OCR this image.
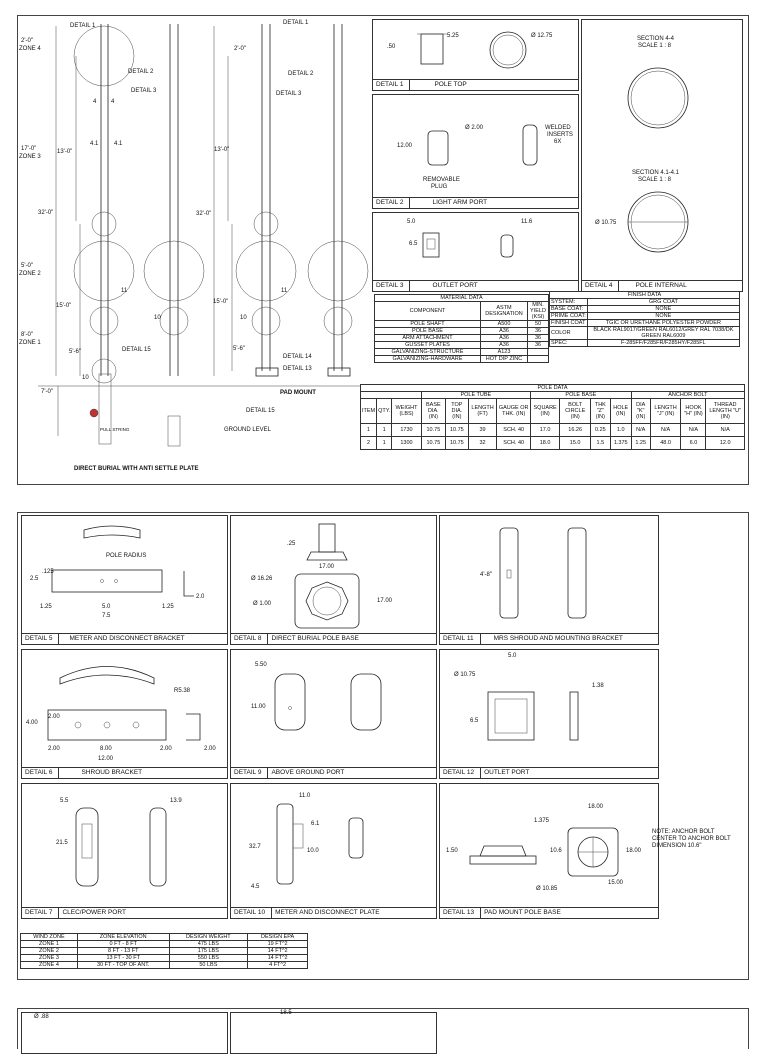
DETAIL 1	DETAIL 1
DETAIL 2	DETAIL 2
DETAIL 3	DETAIL 3
2'-0"
ZONE 4	2'-0"
4 4
4.1	4.1
17'-0"
ZONE 3
13'-0"	13'-0"
32'-0"	32'-0"
5'-0"
ZONE 2
11	11
15'-0"
15'-0"
10	10
10
8'-0"
ZONE 1
DETAIL 15
5'-6"	5'-6"
DETAIL 14
DETAIL 13
PAD MOUNT
7'-0"
DETAIL 15
PULL STRING	GROUND LEVEL
DIRECT BURIAL WITH ANTI SETTLE PLATE
.50
5.25	Ø 12.75
DETAIL 1	POLE TOP
Ø 2.00
12.00
WELDED
INSERTS
6X
REMOVABLE
PLUG
DETAIL 2	LIGHT ARM PORT
5.0
6.5
11.6
DETAIL 3	OUTLET PORT
SECTION 4-4
SCALE 1 : 8
SECTION 4.1-4.1
SCALE 1 : 8
Ø 10.75
DETAIL 4	POLE INTERNAL
MATERIAL DATA		
COMPONENT	ASTM DESIGNATION	MIN. YIELD (KSI)
POLE SHAFT	A500	50
POLE BASE	A36	36
ARM ATTACHMENT	A36	36
GUSSET PLATES	A36	36
GALVANIZING-STRUCTURE	A123	
GALVANIZING-HARDWARE	HOT DIP ZINC	
FINISH DATA	
SYSTEM:	GRG COAT
BASE COAT:	NONE
PRIME COAT:	NONE
FINISH COAT	TGIC OR URETHANE POLYESTER POWDER
COLOR	BLACK RAL9017/GREEN RAL6012/GREY RAL 7038/DK GREEN RAL6009
SPEC:	F-285FF/F285FR/F285HY/F285FL
POLE DATA														
			POLE TUBE				POLE BASE				ANCHOR BOLT			
ITEM	QTY.	WEIGHT (LBS)	BASE DIA. (IN)	TOP DIA. (IN)	LENGTH (FT)	GAUGE OR THK. (IN)	SQUARE (IN)	BOLT CIRCLE (IN)	THK "Z" (IN)	HOLE (IN)	DIA "K" (IN)	LENGTH "J" (IN)	HOOK "H" (IN)	THREAD LENGTH "U" (IN)
1	1	1730	10.75	10.75	39	SCH. 40	17.0	16.26	0.25	1.0	N/A	N/A	N/A	N/A
2	1	1300	10.75	10.75	32	SCH. 40	18.0	15.0	1.5	1.375	1.25	48.0	6.0	12.0
POLE RADIUS
2.5
.125
1.25	5.0	1.25
7.5
2.0
DETAIL 5	METER AND DISCONNECT BRACKET
.25
17.00
Ø 16.26
Ø 1.00	17.00
DETAIL 8 DIRECT BURIAL POLE BASE
4'-8"
DETAIL 11	MRS SHROUD AND MOUNTING BRACKET
R5.38
4.00
2.00
2.00	8.00	2.00	2.00
12.00
DETAIL 6	SHROUD BRACKET
5.50
11.00
DETAIL 9 ABOVE GROUND PORT
5.0
Ø 10.75
1.38
6.5
DETAIL 12 OUTLET PORT
5.5	13.9
21.5
DETAIL 7 CLEC/POWER PORT
11.0
6.1
32.7
10.0
4.5
DETAIL 10 METER AND DISCONNECT PLATE
18.00
1.375
1.50	10.6	18.00
15.00
Ø 10.85
DETAIL 13 PAD MOUNT POLE BASE
NOTE: ANCHOR BOLT CENTER TO ANCHOR BOLT DIMENSION 10.6"
WIND ZONE	ZONE ELEVATION	DESIGN WEIGHT	DESIGN EPA
ZONE 1	0 FT - 8 FT	475 LBS	19 FT^2
ZONE 2	8 FT - 13 FT	175 LBS	14 FT^2
ZONE 3	13 FT - 30 FT	550 LBS	14 FT^2
ZONE 4	30 FT - TOP OF ANT.	50 LBS	4 FT^2
Ø .88
18.5
